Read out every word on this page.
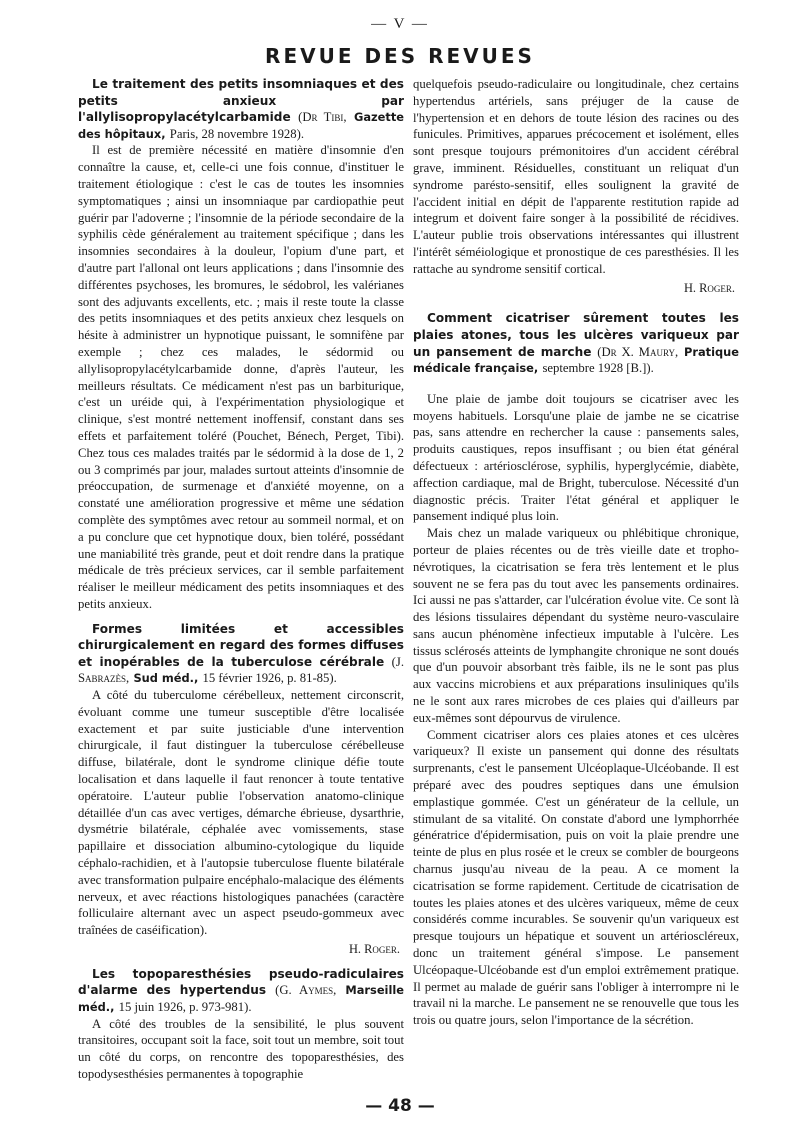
— V —
REVUE DES REVUES

Le traitement des petits insomniaques et des petits anxieux par l'allylisopropylacétylcarbamide (Dr Tibi, Gazette des hôpitaux, Paris, 28 novembre 1928).

Il est de première nécessité en matière d'insomnie d'en connaître la cause, et, celle-ci une fois connue, d'instituer le traitement étiologique : c'est le cas de toutes les insomnies symptomatiques ; ainsi un insomniaque par cardiopathie peut guérir par l'adoverne ; l'insomnie de la période secondaire de la syphilis cède généralement au traitement spécifique ; dans les insomnies secondaires à la douleur, l'opium d'une part, et d'autre part l'allonal ont leurs applications ; dans l'insomnie des différentes psychoses, les bromures, le sédobrol, les valérianes sont des adjuvants excellents, etc. ; mais il reste toute la classe des petits insomniaques et des petits anxieux chez lesquels on hésite à administrer un hypnotique puissant, le somnifène par exemple ; chez ces malades, le sédormid ou allylisopropylacétylcarbamide donne, d'après l'auteur, les meilleurs résultats. Ce médicament n'est pas un barbiturique, c'est un uréide qui, à l'expérimentation physiologique et clinique, s'est montré nettement inoffensif, constant dans ses effets et parfaitement toléré (Pouchet, Bénech, Perget, Tibi). Chez tous ces malades traités par le sédormid à la dose de 1, 2 ou 3 comprimés par jour, malades surtout atteints d'insomnie de préoccupation, de surmenage et d'anxiété moyenne, on a constaté une amélioration progressive et même une sédation complète des symptômes avec retour au sommeil normal, et on a pu conclure que cet hypnotique doux, bien toléré, possédant une maniabilité très grande, peut et doit rendre dans la pratique médicale de très précieux services, car il semble parfaitement réaliser le meilleur médicament des petits insomniaques et des petits anxieux.

Formes limitées et accessibles chirurgicalement en regard des formes diffuses et inopérables de la tuberculose cérébrale (J. Sabrazès, Sud méd., 15 février 1926, p. 81-85).

A côté du tuberculome cérébelleux, nettement circonscrit, évoluant comme une tumeur susceptible d'être localisée exactement et par suite justiciable d'une intervention chirurgicale, il faut distinguer la tuberculose cérébelleuse diffuse, bilatérale, dont le syndrome clinique défie toute localisation et dans laquelle il faut renoncer à toute tentative opératoire. L'auteur publie l'observation anatomo-clinique détaillée d'un cas avec vertiges, démarche ébrieuse, dysarthrie, dysmétrie bilatérale, céphalée avec vomissements, stase papillaire et dissociation albumino-cytologique du liquide céphalo-rachidien, et à l'autopsie tuberculose fluente bilatérale avec transformation pulpaire encéphalo-malacique des éléments nerveux, et avec réactions histologiques panachées (caractère folliculaire alternant avec un aspect pseudo-gommeux avec traînées de caséification).

H. Roger.

Les topoparesthésies pseudo-radiculaires d'alarme des hypertendus (G. Aymes, Marseille méd., 15 juin 1926, p. 973-981).

A côté des troubles de la sensibilité, le plus souvent transitoires, occupant soit la face, soit tout un membre, soit tout un côté du corps, on rencontre des topoparesthésies, des topodysesthésies permanentes à topographie

quelquefois pseudo-radiculaire ou longitudinale, chez certains hypertendus artériels, sans préjuger de la cause de l'hypertension et en dehors de toute lésion des racines ou des funicules. Primitives, apparues précocement et isolément, elles sont presque toujours prémonitoires d'un accident cérébral grave, imminent. Résiduelles, constituant un reliquat d'un syndrome parésto-sensitif, elles soulignent la gravité de l'accident initial en dépit de l'apparente restitution rapide ad integrum et doivent faire songer à la possibilité de récidives. L'auteur publie trois observations intéressantes qui illustrent l'intérêt séméiologique et pronostique de ces paresthésies. Il les rattache au syndrome sensitif cortical.

H. Roger.

Comment cicatriser sûrement toutes les plaies atones, tous les ulcères variqueux par un pansement de marche (Dr X. Maury, Pratique médicale française, septembre 1928 [B.]).

Une plaie de jambe doit toujours se cicatriser avec les moyens habituels. Lorsqu'une plaie de jambe ne se cicatrise pas, sans attendre en rechercher la cause : pansements sales, produits caustiques, repos insuffisant ; ou bien état général défectueux : artériosclérose, syphilis, hyperglycémie, diabète, affection cardiaque, mal de Bright, tuberculose. Nécessité d'un diagnostic précis. Traiter l'état général et appliquer le pansement indiqué plus loin.

Mais chez un malade variqueux ou phlébitique chronique, porteur de plaies récentes ou de très vieille date et tropho-névrotiques, la cicatrisation se fera très lentement et le plus souvent ne se fera pas du tout avec les pansements ordinaires. Ici aussi ne pas s'attarder, car l'ulcération évolue vite. Ce sont là des lésions tissulaires dépendant du système neuro-vasculaire sans aucun phénomène infectieux imputable à l'ulcère. Les tissus sclérosés atteints de lymphangite chronique ne sont doués que d'un pouvoir absorbant très faible, ils ne le sont pas plus aux vaccins microbiens et aux préparations insuliniques qu'ils ne le sont aux rares microbes de ces plaies qui d'ailleurs par eux-mêmes sont dépourvus de virulence.

Comment cicatriser alors ces plaies atones et ces ulcères variqueux? Il existe un pansement qui donne des résultats surprenants, c'est le pansement Ulcéoplaque-Ulcéobande. Il est préparé avec des poudres septiques dans une émulsion emplastique gommée. C'est un générateur de la cellule, un stimulant de sa vitalité. On constate d'abord une lymphorrhée génératrice d'épidermisation, puis on voit la plaie prendre une teinte de plus en plus rosée et le creux se combler de bourgeons charnus jusqu'au niveau de la peau. A ce moment la cicatrisation se forme rapidement. Certitude de cicatrisation de toutes les plaies atones et des ulcères variqueux, même de ceux considérés comme incurables. Se souvenir qu'un variqueux est presque toujours un hépatique et souvent un artérioscléreux, donc un traitement général s'impose. Le pansement Ulcéopaque-Ulcéobande est d'un emploi extrêmement pratique. Il permet au malade de guérir sans l'obliger à interrompre ni le travail ni la marche. Le pansement ne se renouvelle que tous les trois ou quatre jours, selon l'importance de la sécrétion.

— 48 —
